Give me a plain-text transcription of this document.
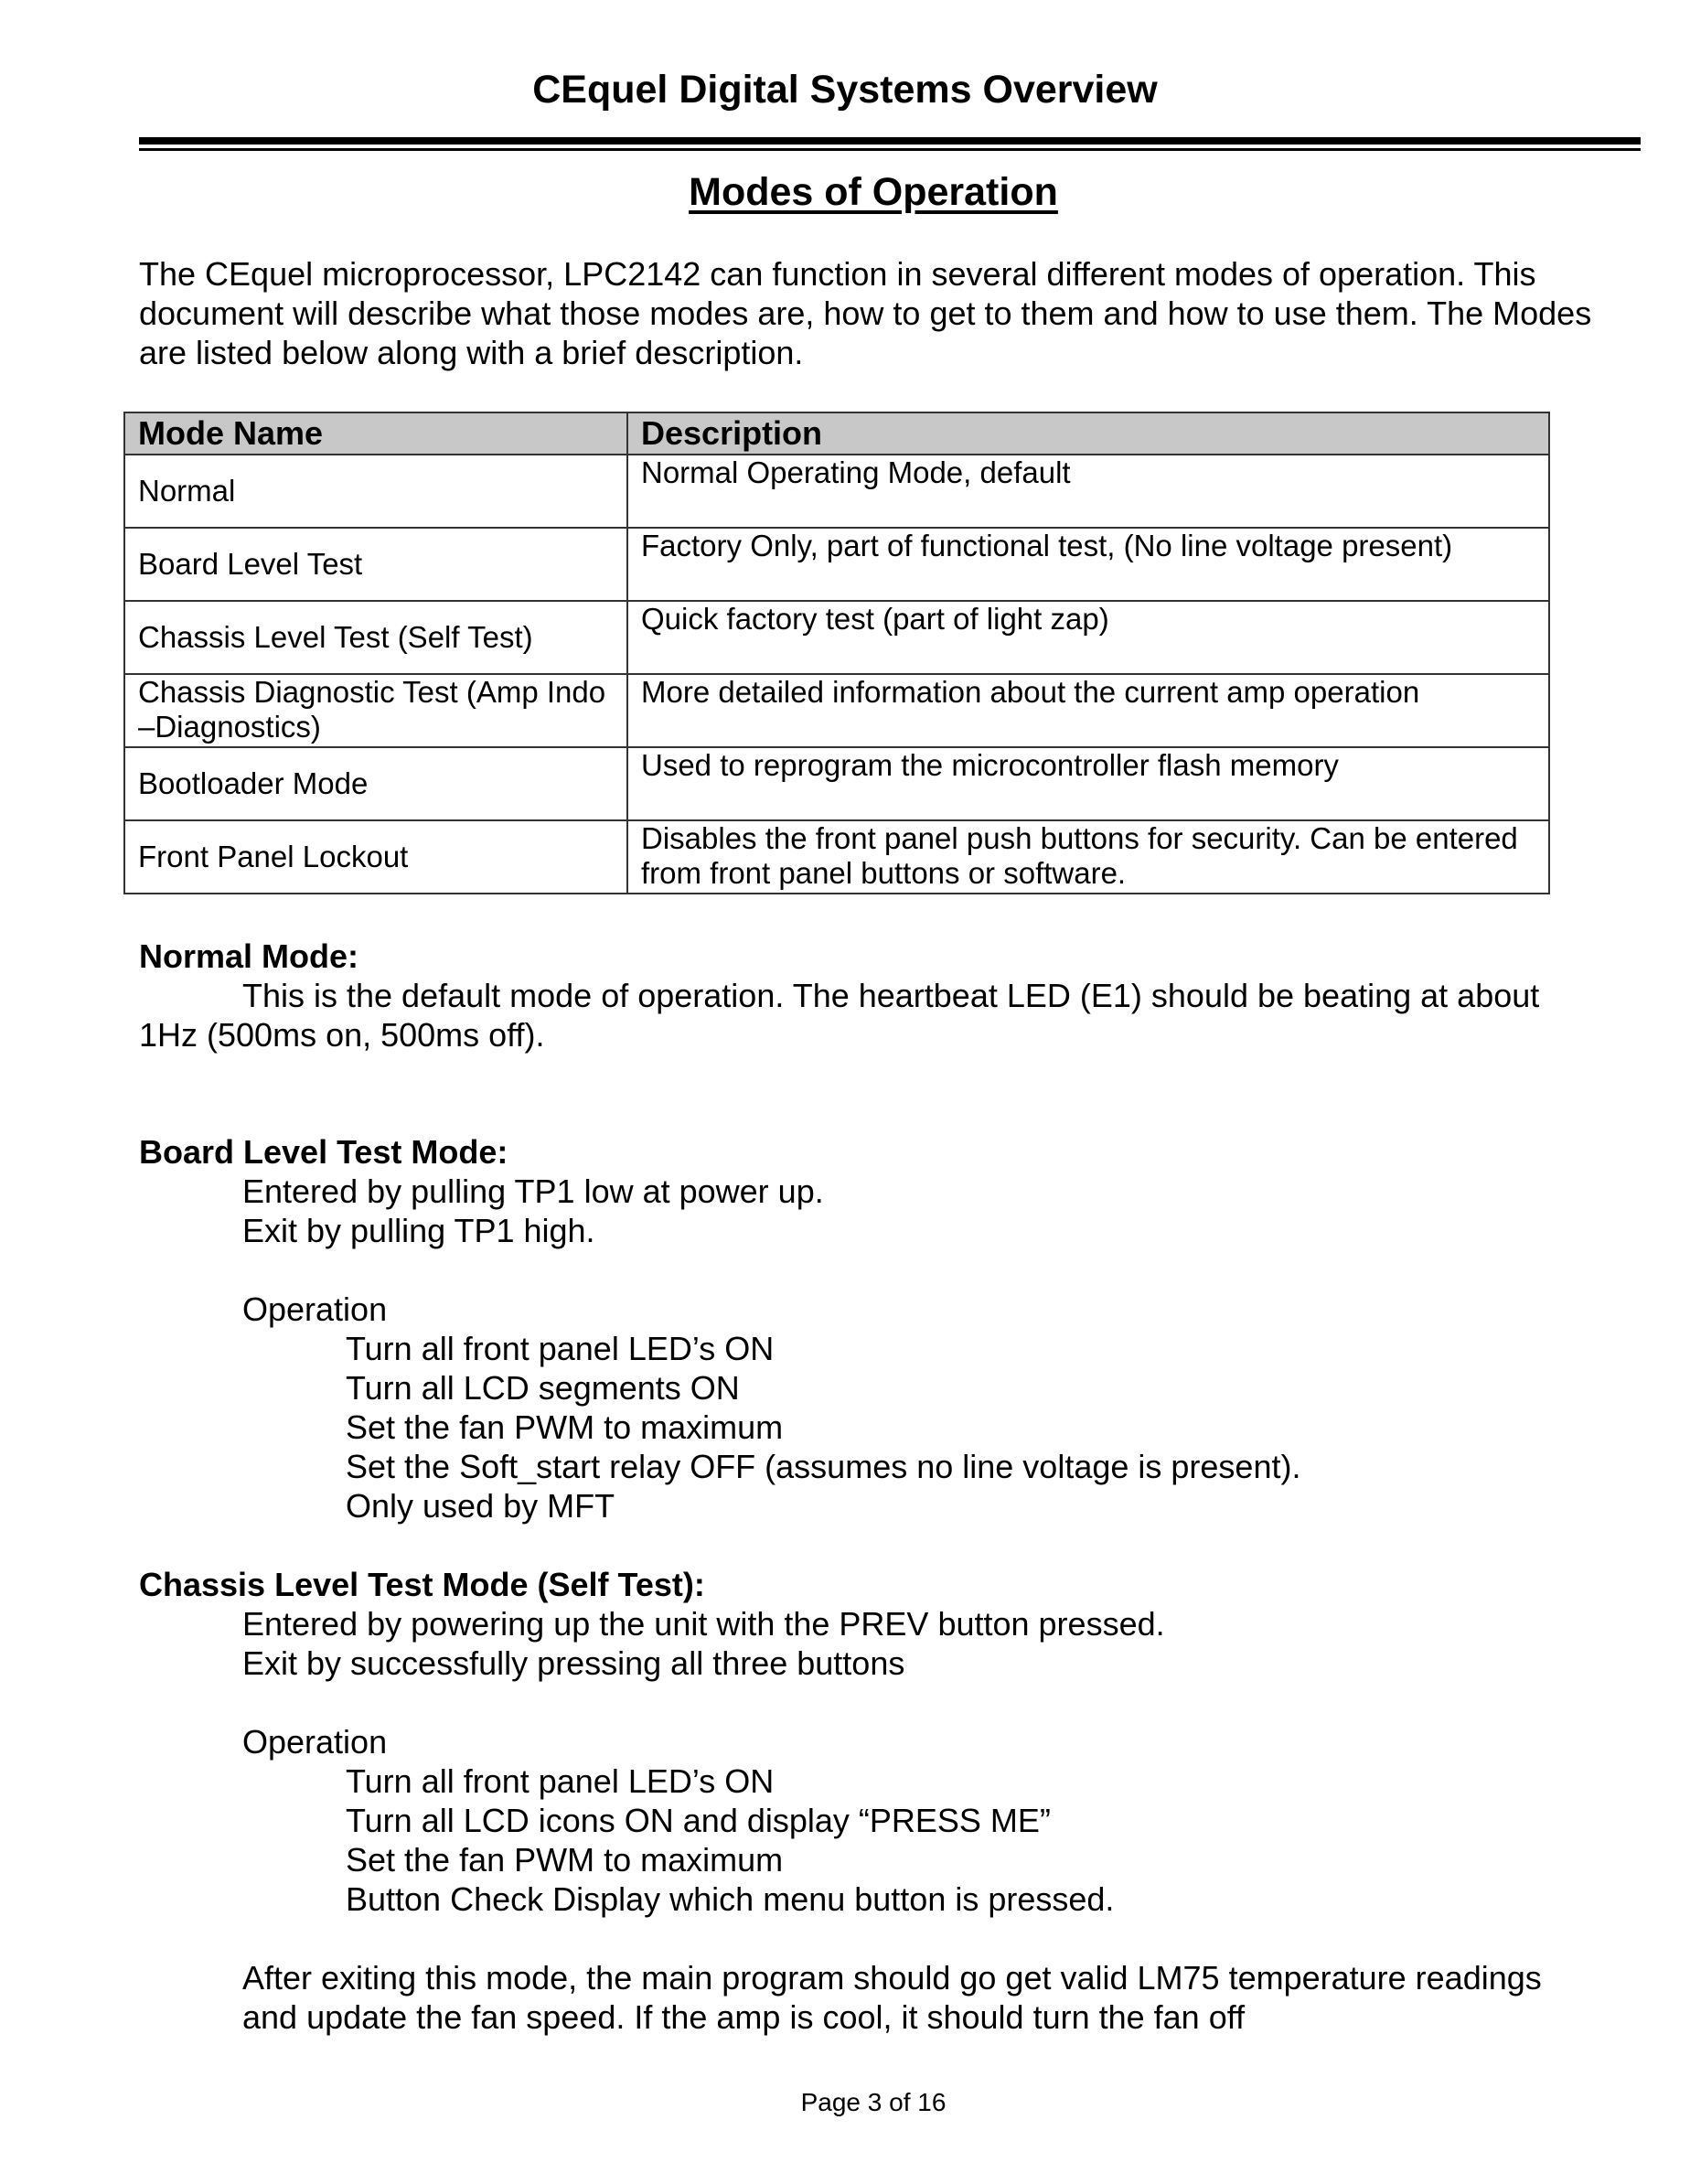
CEquel Digital Systems Overview
Modes of Operation

The CEquel microprocessor, LPC2142 can function in several different modes of operation. This document will describe what those modes are, how to get to them and how to use them. The Modes are listed below along with a brief description.

Mode Name	Description
Normal	Normal Operating Mode, default
Board Level Test	Factory Only, part of functional test, (No line voltage present)
Chassis Level Test (Self Test)	Quick factory test (part of light zap)
Chassis Diagnostic Test (Amp Indo –Diagnostics)	More detailed information about the current amp operation
Bootloader Mode	Used to reprogram the microcontroller flash memory
Front Panel Lockout	Disables the front panel push buttons for security. Can be entered from front panel buttons or software.
Normal Mode:
This is the default mode of operation. The heartbeat LED (E1) should be beating at about
1Hz (500ms on, 500ms off).
Board Level Test Mode:
Entered by pulling TP1 low at power up.
Exit by pulling TP1 high.
Operation
Turn all front panel LED’s ON
Turn all LCD segments ON
Set the fan PWM to maximum
Set the Soft_start relay OFF (assumes no line voltage is present).
Only used by MFT
Chassis Level Test Mode (Self Test):
Entered by powering up the unit with the PREV button pressed.
Exit by successfully pressing all three buttons
Operation
Turn all front panel LED’s ON
Turn all LCD icons ON and display “PRESS ME”
Set the fan PWM to maximum
Button Check Display which menu button is pressed.
After exiting this mode, the main program should go get valid LM75 temperature readings
and update the fan speed. If the amp is cool, it should turn the fan off
Page 3 of 16
